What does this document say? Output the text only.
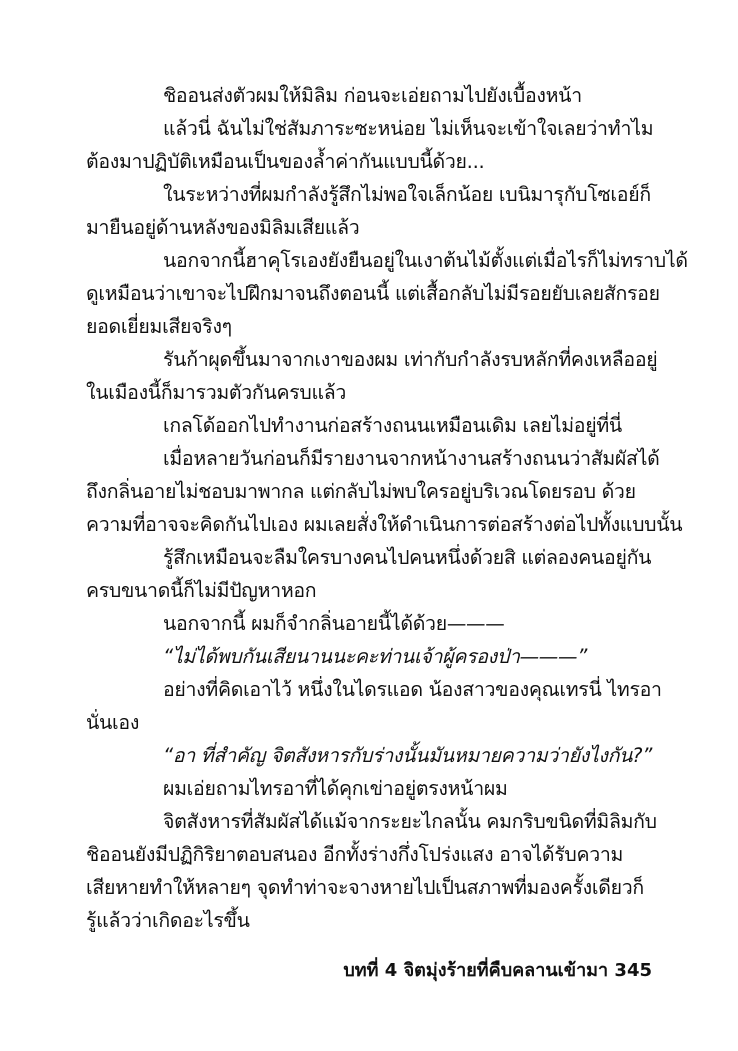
ชิออนส่งตัวผมให้มิลิม ก่อนจะเอ่ยถามไปยังเบื้องหน้า
แล้วนี่ ฉันไม่ใช่สัมภาระซะหน่อย ไม่เห็นจะเข้าใจเลยว่าทำไม
ต้องมาปฏิบัติเหมือนเป็นของล้ำค่ากันแบบนี้ด้วย...
ในระหว่างที่ผมกำลังรู้สึกไม่พอใจเล็กน้อย เบนิมารุกับโซเอย์ก็
มายืนอยู่ด้านหลังของมิลิมเสียแล้ว
นอกจากนี้ฮาคุโรเองยังยืนอยู่ในเงาต้นไม้ตั้งแต่เมื่อไรก็ไม่ทราบได้
ดูเหมือนว่าเขาจะไปฝึกมาจนถึงตอนนี้ แต่เสื้อกลับไม่มีรอยยับเลยสักรอย
ยอดเยี่ยมเสียจริงๆ
รันก้าผุดขึ้นมาจากเงาของผม เท่ากับกำลังรบหลักที่คงเหลืออยู่
ในเมืองนี้ก็มารวมตัวกันครบแล้ว
เกลโด้ออกไปทำงานก่อสร้างถนนเหมือนเดิม เลยไม่อยู่ที่นี่
เมื่อหลายวันก่อนก็มีรายงานจากหน้างานสร้างถนนว่าสัมผัสได้
ถึงกลิ่นอายไม่ชอบมาพากล แต่กลับไม่พบใครอยู่บริเวณโดยรอบ ด้วย
ความที่อาจจะคิดกันไปเอง ผมเลยสั่งให้ดำเนินการต่อสร้างต่อไปทั้งแบบนั้น
รู้สึกเหมือนจะลืมใครบางคนไปคนหนึ่งด้วยสิ แต่ลองคนอยู่กัน
ครบขนาดนี้ก็ไม่มีปัญหาหอก
นอกจากนี้ ผมก็จำกลิ่นอายนี้ได้ด้วย———
“ไม่ได้พบกันเสียนานนะคะท่านเจ้าผู้ครองป่า———”
อย่างที่คิดเอาไว้ หนึ่งในไดรแอด น้องสาวของคุณเทรนี่ ไทรอา
นั่นเอง
“อา ที่สำคัญ จิตสังหารกับร่างนั้นมันหมายความว่ายังไงกัน?”
ผมเอ่ยถามไทรอาที่ได้คุกเข่าอยู่ตรงหน้าผม
จิตสังหารที่สัมผัสได้แม้จากระยะไกลนั้น คมกริบขนิดที่มิลิมกับ
ชิออนยังมีปฏิกิริยาตอบสนอง อีกทั้งร่างกึ่งโปร่งแสง อาจได้รับความ
เสียหายทำให้หลายๆ จุดทำท่าจะจางหายไปเป็นสภาพที่มองครั้งเดียวก็
รู้แล้วว่าเกิดอะไรขึ้น
บทที่ 4 จิตมุ่งร้ายที่คืบคลานเข้ามา 345
